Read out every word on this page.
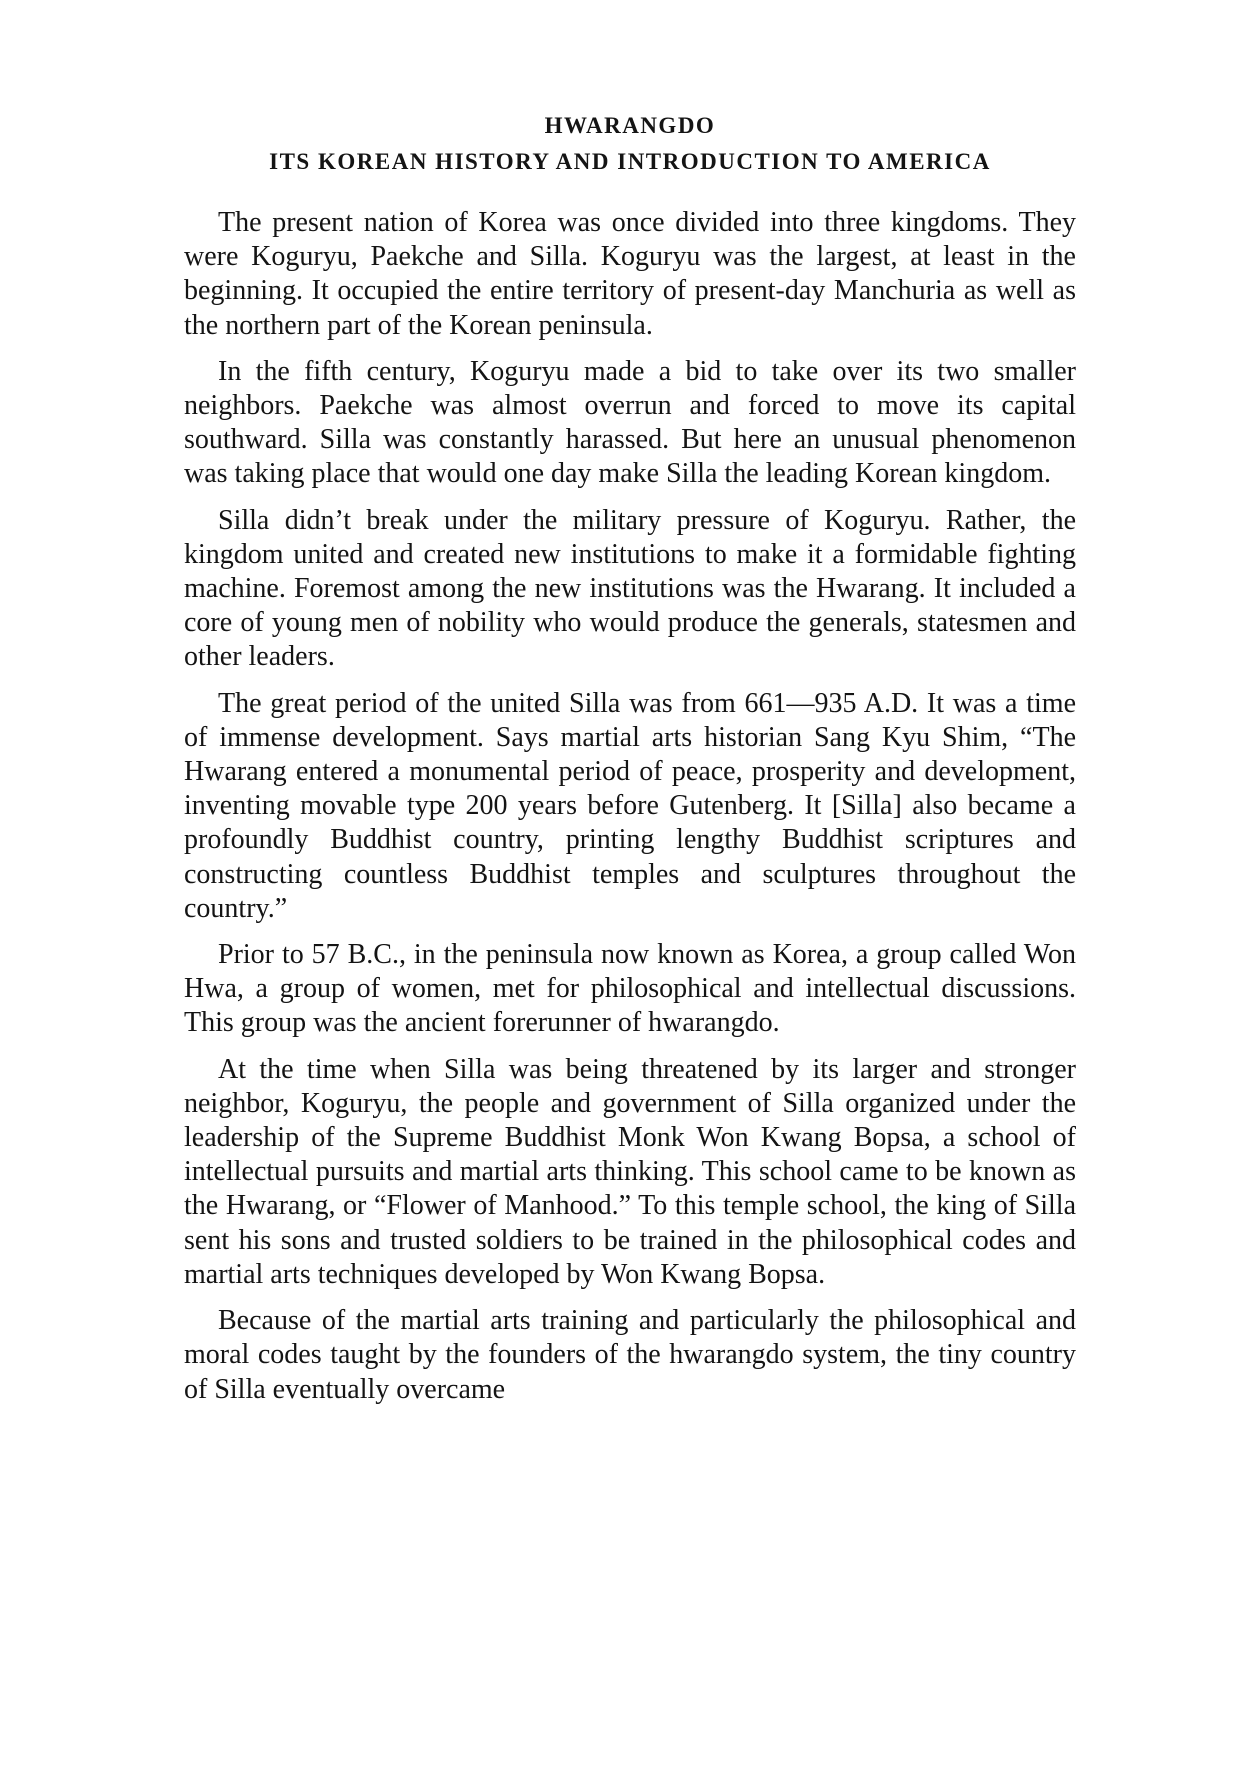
HWARANGDO
ITS KOREAN HISTORY AND INTRODUCTION TO AMERICA

The present nation of Korea was once divided into three kingdoms. They were Koguryu, Paekche and Silla. Koguryu was the largest, at least in the beginning. It occupied the entire territory of present-day Manchuria as well as the northern part of the Korean peninsula.

In the fifth century, Koguryu made a bid to take over its two smaller neighbors. Paekche was almost overrun and forced to move its capital southward. Silla was constantly harassed. But here an unusual phenomenon was taking place that would one day make Silla the leading Korean kingdom.

Silla didn’t break under the military pressure of Koguryu. Rather, the kingdom united and created new institutions to make it a formidable fighting machine. Foremost among the new institutions was the Hwarang. It included a core of young men of nobility who would produce the generals, statesmen and other leaders.

The great period of the united Silla was from 661—935 A.D. It was a time of immense development. Says martial arts historian Sang Kyu Shim, “The Hwarang entered a monumental period of peace, prosperity and development, inventing movable type 200 years before Gutenberg. It [Silla] also became a profoundly Buddhist country, printing lengthy Buddhist scriptures and constructing countless Buddhist temples and sculptures throughout the country.”

Prior to 57 B.C., in the peninsula now known as Korea, a group called Won Hwa, a group of women, met for philosophical and intellectual discussions. This group was the ancient forerunner of hwarangdo.

At the time when Silla was being threatened by its larger and stronger neighbor, Koguryu, the people and government of Silla organized under the leadership of the Supreme Buddhist Monk Won Kwang Bopsa, a school of intellectual pursuits and martial arts thinking. This school came to be known as the Hwarang, or “Flower of Manhood.” To this temple school, the king of Silla sent his sons and trusted soldiers to be trained in the philosophical codes and martial arts techniques developed by Won Kwang Bopsa.

Because of the martial arts training and particularly the philosophical and moral codes taught by the founders of the hwarangdo system, the tiny country of Silla eventually overcame
